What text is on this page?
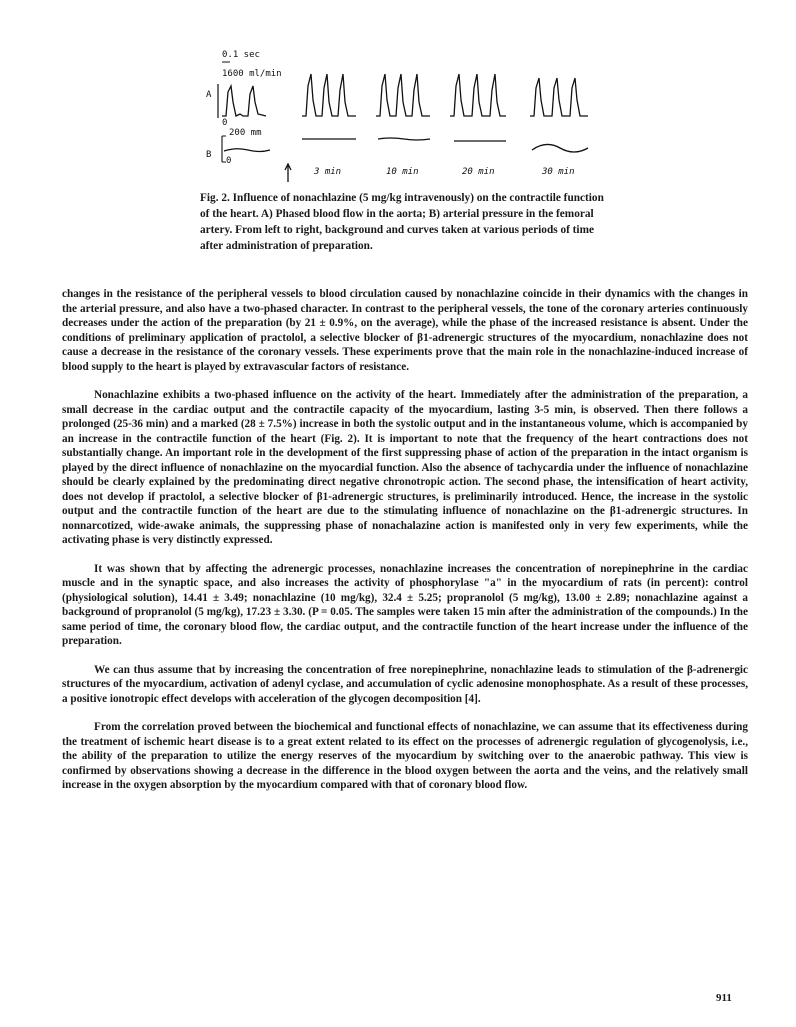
0.1 sec
1600 ml/min
A
0
200 mm
B
0
3 min	10 min	20 min	30 min

Fig. 2. Influence of nonachlazine (5 mg/kg intravenously) on the contractile function of the heart. A) Phased blood flow in the aorta; B) arterial pressure in the femoral artery. From left to right, background and curves taken at various periods of time after administration of preparation.

changes in the resistance of the peripheral vessels to blood circulation caused by nonachlazine coincide in their dynamics with the changes in the arterial pressure, and also have a two-phased character. In contrast to the peripheral vessels, the tone of the coronary arteries continuously decreases under the action of the preparation (by 21 ± 0.9%, on the average), while the phase of the increased resistance is absent. Under the conditions of preliminary application of practolol, a selective blocker of β1-adrenergic structures of the myocardium, nonachlazine does not cause a decrease in the resistance of the coronary vessels. These experiments prove that the main role in the nonachlazine-induced increase of blood supply to the heart is played by extravascular factors of resistance.

Nonachlazine exhibits a two-phased influence on the activity of the heart. Immediately after the administration of the preparation, a small decrease in the cardiac output and the contractile capacity of the myocardium, lasting 3-5 min, is observed. Then there follows a prolonged (25-36 min) and a marked (28 ± 7.5%) increase in both the systolic output and in the instantaneous volume, which is accompanied by an increase in the contractile function of the heart (Fig. 2). It is important to note that the frequency of the heart contractions does not substantially change. An important role in the development of the first suppressing phase of action of the preparation in the intact organism is played by the direct influence of nonachlazine on the myocardial function. Also the absence of tachycardia under the influence of nonachlazine should be clearly explained by the predominating direct negative chronotropic action. The second phase, the intensification of heart activity, does not develop if practolol, a selective blocker of β1-adrenergic structures, is preliminarily introduced. Hence, the increase in the systolic output and the contractile function of the heart are due to the stimulating influence of nonachlazine on the β1-adrenergic structures. In nonnarcotized, wide-awake animals, the suppressing phase of nonachalazine action is manifested only in very few experiments, while the activating phase is very distinctly expressed.

It was shown that by affecting the adrenergic processes, nonachlazine increases the concentration of norepinephrine in the cardiac muscle and in the synaptic space, and also increases the activity of phosphorylase "a" in the myocardium of rats (in percent): control (physiological solution), 14.41 ± 3.49; nonachlazine (10 mg/kg), 32.4 ± 5.25; propranolol (5 mg/kg), 13.00 ± 2.89; nonachlazine against a background of propranolol (5 mg/kg), 17.23 ± 3.30. (P = 0.05. The samples were taken 15 min after the administration of the compounds.) In the same period of time, the coronary blood flow, the cardiac output, and the contractile function of the heart increase under the influence of the preparation.

We can thus assume that by increasing the concentration of free norepinephrine, nonachlazine leads to stimulation of the β-adrenergic structures of the myocardium, activation of adenyl cyclase, and accumulation of cyclic adenosine monophosphate. As a result of these processes, a positive ionotropic effect develops with acceleration of the glycogen decomposition [4].

From the correlation proved between the biochemical and functional effects of nonachlazine, we can assume that its effectiveness during the treatment of ischemic heart disease is to a great extent related to its effect on the processes of adrenergic regulation of glycogenolysis, i.e., the ability of the preparation to utilize the energy reserves of the myocardium by switching over to the anaerobic pathway. This view is confirmed by observations showing a decrease in the difference in the blood oxygen between the aorta and the veins, and the relatively small increase in the oxygen absorption by the myocardium compared with that of coronary blood flow.

911
